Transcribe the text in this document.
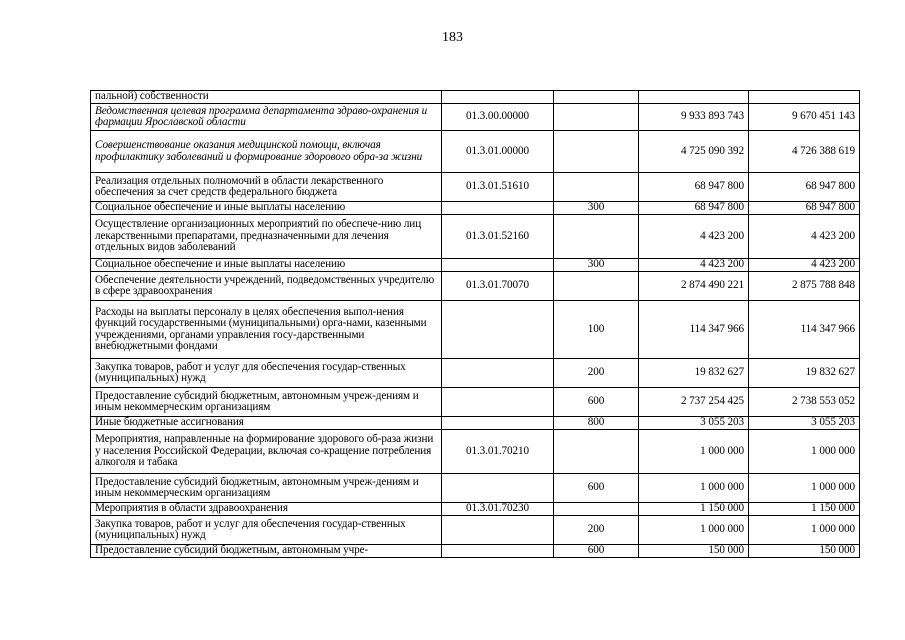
183
пальной) собственности				
Ведомственная целевая программа департамента здраво-охранения и фармации Ярославской области	01.3.00.00000		9 933 893 743	9 670 451 143
Совершенствование оказания медицинской помощи, включая профилактику заболеваний и формирование здорового обра-за жизни	01.3.01.00000		4 725 090 392	4 726 388 619
Реализация отдельных полномочий в области лекарственного обеспечения за счет средств федерального бюджета	01.3.01.51610		68 947 800	68 947 800
Социальное обеспечение и иные выплаты населению		300	68 947 800	68 947 800
Осуществление организационных мероприятий по обеспече-нию лиц лекарственными препаратами, предназначенными для лечения отдельных видов заболеваний	01.3.01.52160		4 423 200	4 423 200
Социальное обеспечение и иные выплаты населению		300	4 423 200	4 423 200
Обеспечение деятельности учреждений, подведомственных учредителю в сфере здравоохранения	01.3.01.70070		2 874 490 221	2 875 788 848
Расходы на выплаты персоналу в целях обеспечения выпол-нения функций государственными (муниципальными) орга-нами, казенными учреждениями, органами управления госу-дарственными внебюджетными фондами		100	114 347 966	114 347 966
Закупка товаров, работ и услуг для обеспечения государ-ственных (муниципальных) нужд		200	19 832 627	19 832 627
Предоставление субсидий бюджетным, автономным учреж-дениям и иным некоммерческим организациям		600	2 737 254 425	2 738 553 052
Иные бюджетные ассигнования		800	3 055 203	3 055 203
Мероприятия, направленные на формирование здорового об-раза жизни у населения Российской Федерации, включая со-кращение потребления алкоголя и табака	01.3.01.70210		1 000 000	1 000 000
Предоставление субсидий бюджетным, автономным учреж-дениям и иным некоммерческим организациям		600	1 000 000	1 000 000
Мероприятия в области здравоохранения	01.3.01.70230		1 150 000	1 150 000
Закупка товаров, работ и услуг для обеспечения государ-ственных (муниципальных) нужд		200	1 000 000	1 000 000
Предоставление субсидий бюджетным, автономным учре-		600	150 000	150 000
